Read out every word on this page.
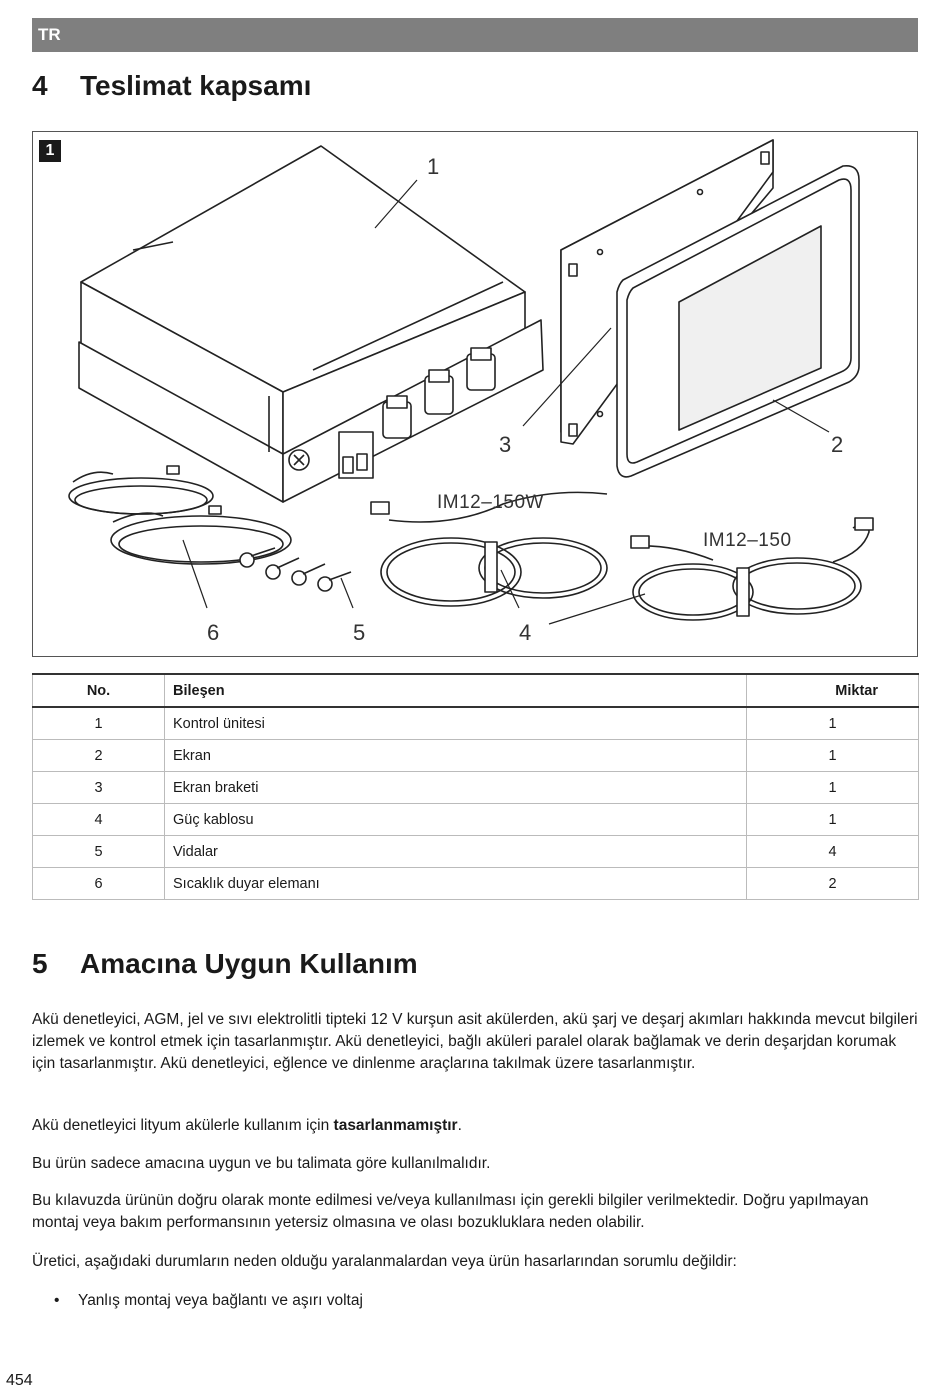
TR
4 Teslimat kapsamı
1
1
2
3
4
5
6
IM12–150W
IM12–150
No.	Bileşen	Miktar
1	Kontrol ünitesi	1
2	Ekran	1
3	Ekran braketi	1
4	Güç kablosu	1
5	Vidalar	4
6	Sıcaklık duyar elemanı	2
5 Amacına Uygun Kullanım

Akü denetleyici, AGM, jel ve sıvı elektrolitli tipteki 12 V kurşun asit akülerden, akü şarj ve deşarj akımları hakkında mevcut bilgileri izlemek ve kontrol etmek için tasarlanmıştır. Akü denetleyici, bağlı aküleri paralel olarak bağlamak ve derin deşarjdan korumak için tasarlanmıştır. Akü denetleyici, eğlence ve dinlenme araçlarına takılmak üzere tasarlanmıştır.

Akü denetleyici lityum akülerle kullanım için tasarlanmamıştır.

Bu ürün sadece amacına uygun ve bu talimata göre kullanılmalıdır.

Bu kılavuzda ürünün doğru olarak monte edilmesi ve/veya kullanılması için gerekli bilgiler verilmektedir. Doğru yapılmayan montaj veya bakım performansının yetersiz olmasına ve olası bozukluklara neden olabilir.

Üretici, aşağıdaki durumların neden olduğu yaralanmalardan veya ürün hasarlarından sorumlu değildir:

• Yanlış montaj veya bağlantı ve aşırı voltaj
454
